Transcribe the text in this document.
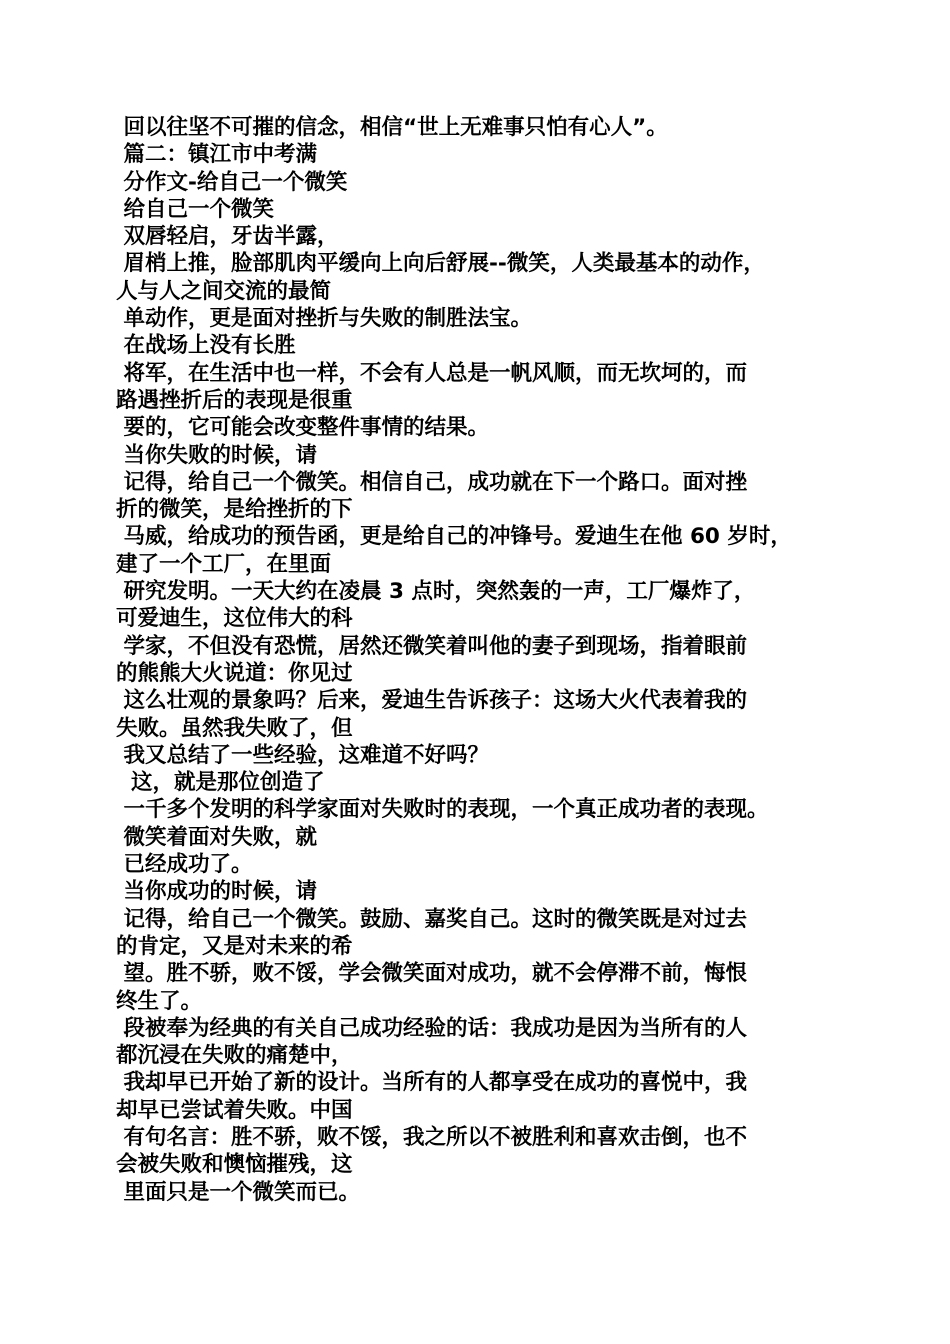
回以往坚不可摧的信念，相信“世上无难事只怕有心人”。

篇二：镇江市中考满

分作文-给自己一个微笑

给自己一个微笑

双唇轻启，牙齿半露，

眉梢上推，脸部肌肉平缓向上向后舒展--微笑，人类最基本的动作，

人与人之间交流的最简

单动作，更是面对挫折与失败的制胜法宝。

在战场上没有长胜

将军，在生活中也一样，不会有人总是一帆风顺，而无坎坷的，而

路遇挫折后的表现是很重

要的，它可能会改变整件事情的结果。

当你失败的时候，请

记得，给自己一个微笑。相信自己，成功就在下一个路口。面对挫

折的微笑，是给挫折的下

马威，给成功的预告函，更是给自己的冲锋号。爱迪生在他 60 岁时，

建了一个工厂，在里面

研究发明。一天大约在凌晨 3 点时，突然轰的一声，工厂爆炸了，

可爱迪生，这位伟大的科

学家，不但没有恐慌，居然还微笑着叫他的妻子到现场，指着眼前

的熊熊大火说道：你见过

这么壮观的景象吗？后来，爱迪生告诉孩子：这场大火代表着我的

失败。虽然我失败了，但

我又总结了一些经验，这难道不好吗？

这，就是那位创造了

一千多个发明的科学家面对失败时的表现，一个真正成功者的表现。

微笑着面对失败，就

已经成功了。

当你成功的时候，请

记得，给自己一个微笑。鼓励、嘉奖自己。这时的微笑既是对过去

的肯定，又是对未来的希

望。胜不骄，败不馁，学会微笑面对成功，就不会停滞不前，悔恨

终生了。

段被奉为经典的有关自己成功经验的话：我成功是因为当所有的人

都沉浸在失败的痛楚中，

我却早已开始了新的设计。当所有的人都享受在成功的喜悦中，我

却早已尝试着失败。中国

有句名言：胜不骄，败不馁，我之所以不被胜利和喜欢击倒，也不

会被失败和懊恼摧残，这

里面只是一个微笑而已。
